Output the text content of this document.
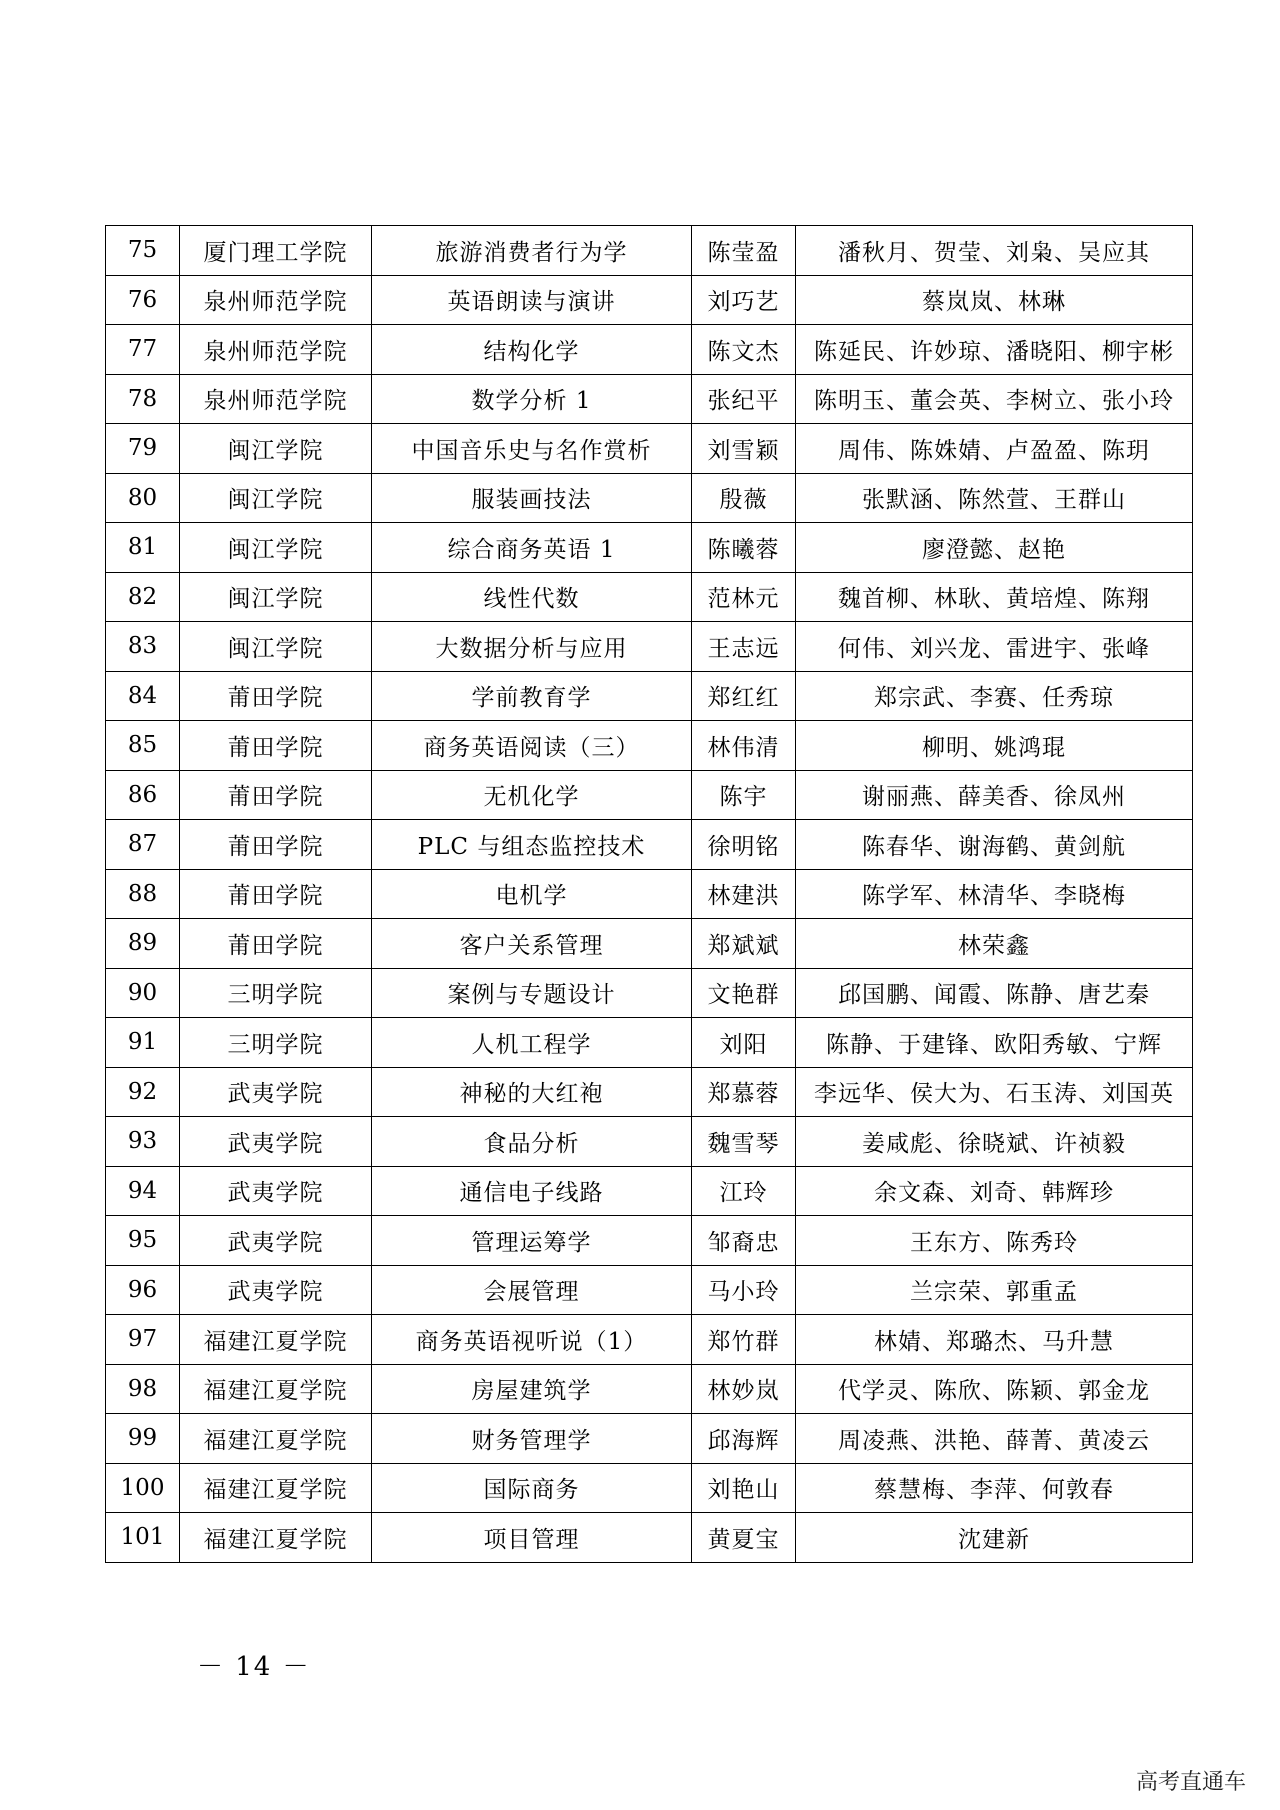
75	厦门理工学院	旅游消费者行为学	陈莹盈	潘秋月、贺莹、刘枭、吴应其
76	泉州师范学院	英语朗读与演讲	刘巧艺	蔡岚岚、林琳
77	泉州师范学院	结构化学	陈文杰	陈延民、许妙琼、潘晓阳、柳宇彬
78	泉州师范学院	数学分析 1	张纪平	陈明玉、董会英、李树立、张小玲
79	闽江学院	中国音乐史与名作赏析	刘雪颖	周伟、陈姝婧、卢盈盈、陈玥
80	闽江学院	服装画技法	殷薇	张默涵、陈然萱、王群山
81	闽江学院	综合商务英语 1	陈曦蓉	廖澄懿、赵艳
82	闽江学院	线性代数	范林元	魏首柳、林耿、黄培煌、陈翔
83	闽江学院	大数据分析与应用	王志远	何伟、刘兴龙、雷进宇、张峰
84	莆田学院	学前教育学	郑红红	郑宗武、李赛、任秀琼
85	莆田学院	商务英语阅读（三）	林伟清	柳明、姚鸿琨
86	莆田学院	无机化学	陈宇	谢丽燕、薛美香、徐凤州
87	莆田学院	PLC 与组态监控技术	徐明铭	陈春华、谢海鹤、黄剑航
88	莆田学院	电机学	林建洪	陈学军、林清华、李晓梅
89	莆田学院	客户关系管理	郑斌斌	林荣鑫
90	三明学院	案例与专题设计	文艳群	邱国鹏、闻霞、陈静、唐艺秦
91	三明学院	人机工程学	刘阳	陈静、于建锋、欧阳秀敏、宁辉
92	武夷学院	神秘的大红袍	郑慕蓉	李远华、侯大为、石玉涛、刘国英
93	武夷学院	食品分析	魏雪琴	姜咸彪、徐晓斌、许祯毅
94	武夷学院	通信电子线路	江玲	余文森、刘奇、韩辉珍
95	武夷学院	管理运筹学	邹裔忠	王东方、陈秀玲
96	武夷学院	会展管理	马小玲	兰宗荣、郭重孟
97	福建江夏学院	商务英语视听说（1）	郑竹群	林婧、郑璐杰、马升慧
98	福建江夏学院	房屋建筑学	林妙岚	代学灵、陈欣、陈颖、郭金龙
99	福建江夏学院	财务管理学	邱海辉	周凌燕、洪艳、薛菁、黄凌云
100	福建江夏学院	国际商务	刘艳山	蔡慧梅、李萍、何敦春
101	福建江夏学院	项目管理	黄夏宝	沈建新
－ 14 －
高考直通车
